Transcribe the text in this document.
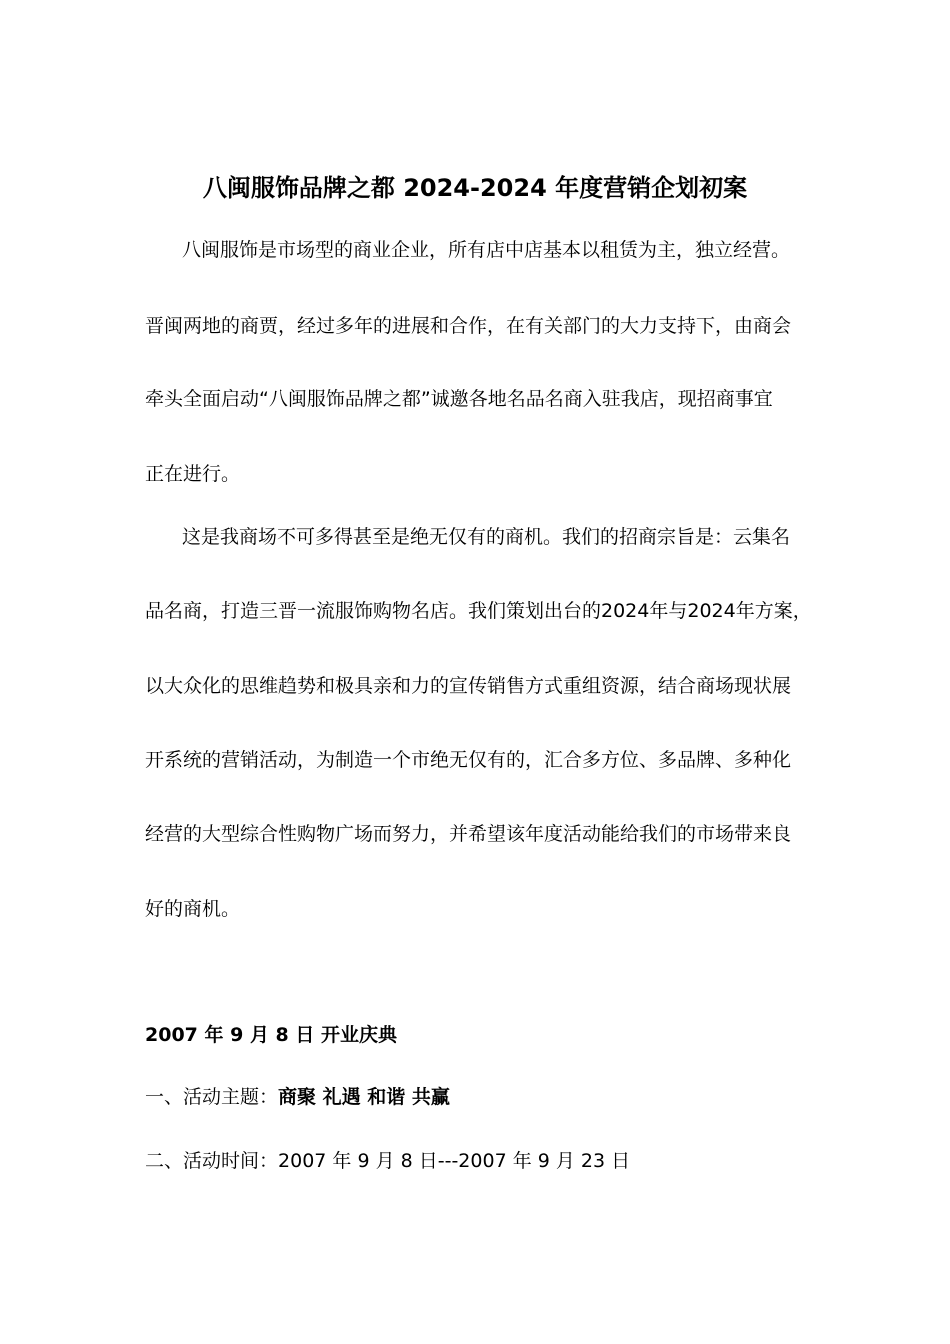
八闽服饰品牌之都 2024-2024 年度营销企划初案
八闽服饰是市场型的商业企业，所有店中店基本以租赁为主，独立经营。
晋闽两地的商贾，经过多年的进展和合作，在有关部门的大力支持下，由商会
牵头全面启动“八闽服饰品牌之都”诚邀各地名品名商入驻我店，现招商事宜
正在进行。
这是我商场不可多得甚至是绝无仅有的商机。我们的招商宗旨是：云集名
品名商，打造三晋一流服饰购物名店。我们策划出台的2024年与2024年方案，
以大众化的思维趋势和极具亲和力的宣传销售方式重组资源，结合商场现状展
开系统的营销活动，为制造一个市绝无仅有的，汇合多方位、多品牌、多种化
经营的大型综合性购物广场而努力，并希望该年度活动能给我们的市场带来良
好的商机。
2007 年 9 月 8 日 开业庆典
一、活动主题：商聚 礼遇 和谐 共赢
二、活动时间：2007 年 9 月 8 日---2007 年 9 月 23 日
